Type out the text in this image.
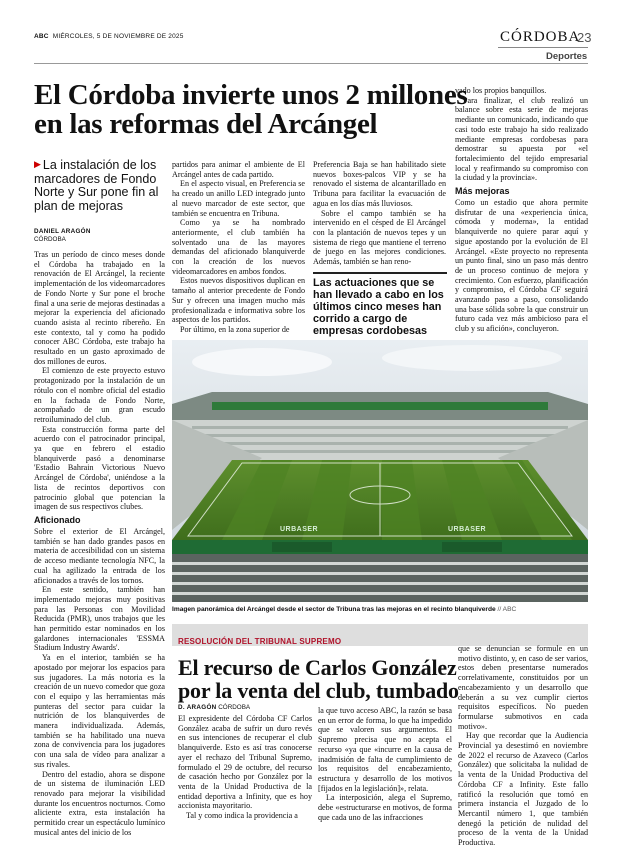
ABC MIÉRCOLES, 5 DE NOVIEMBRE DE 2025	CÓRDOBA
23
Deportes
El Córdoba invierte unos 2 millones
en las reformas del Arcángel
▶ La instalación de los marcadores de Fondo Norte y Sur pone fin al plan de mejoras
DANIEL ARAGÓN
CÓRDOBA

Tras un período de cinco meses donde el Córdoba ha trabajado en la renovación de El Arcángel, la reciente implementación de los videomarcadores de Fondo Norte y Sur pone el broche final a una serie de mejoras destinadas a mejorar la experiencia del aficionado cuando asista al recinto ribereño. En este contexto, tal y como ha podido conocer ABC Córdoba, este trabajo ha resultado en un gasto aproximado de dos millones de euros.

El comienzo de este proyecto estuvo protagonizado por la instalación de un rótulo con el nombre oficial del estadio en la fachada de Fondo Norte, acompañado de un gran escudo retroiluminado del club.

Esta construcción forma parte del acuerdo con el patrocinador principal, ya que en febrero el estadio blanquiverde pasó a denominarse 'Estadio Bahrain Victorious Nuevo Arcángel de Córdoba', uniéndose a la lista de recintos deportivos con patrocinio global que potencian la imagen de sus respectivos clubes.

Aficionado

Sobre el exterior de El Arcángel, también se han dado grandes pasos en materia de accesibilidad con un sistema de acceso mediante tecnología NFC, la cual ha agilizado la entrada de los aficionados a través de los tornos.

En este sentido, también han implementado mejoras muy positivas para las Personas con Movilidad Reducida (PMR), unos trabajos que les han permitido estar nominados en los galardones internacionales 'ESSMA Stadium Industry Awards'.

Ya en el interior, también se ha apostado por mejorar los espacios para sus jugadores. La más notoria es la creación de un nuevo comedor que goza con el equipo y las herramientas más punteras del sector para cuidar la nutrición de los blanquiverdes de manera individualizada. Además, también se ha habilitado una nueva zona de convivencia para los jugadores con una sala de vídeo para analizar a sus rivales.

Dentro del estadio, ahora se dispone de un sistema de iluminación LED renovado para mejorar la visibilidad durante los encuentros nocturnos. Como aliciente extra, esta instalación ha permitido crear un espectáculo lumínico musical antes del inicio de los

partidos para animar el ambiente de El Arcángel antes de cada partido.

En el aspecto visual, en Preferencia se ha creado un anillo LED integrado junto al nuevo marcador de este sector, que también se encuentra en Tribuna.

Como ya se ha nombrado anteriormente, el club también ha solventado una de las mayores demandas del aficionado blanquiverde con la creación de los nuevos videomarcadores en ambos fondos.

Estos nuevos dispositivos duplican en tamaño al anterior precedente de Fondo Sur y ofrecen una imagen mucho más profesionalizada e informativa sobre los aspectos de los partidos.

Por último, en la zona superior de

Preferencia Baja se han habilitado siete nuevos boxes-palcos VIP y se ha renovado el sistema de alcantarillado en Tribuna para facilitar la evacuación de agua en los días más lluviosos.

Sobre el campo también se ha intervenido en el césped de El Arcángel con la plantación de nuevos tepes y un sistema de riego que mantiene el terreno de juego en las mejores condiciones. Además, también se han reno-

Las actuaciones que se han llevado a cabo en los últimos cinco meses han corrido a cargo de empresas cordobesas

vado los propios banquillos.

Para finalizar, el club realizó un balance sobre esta serie de mejoras mediante un comunicado, indicando que casi todo este trabajo ha sido realizado mediante empresas cordobesas para demostrar su apuesta por «el fortalecimiento del tejido empresarial local y reafirmando su compromiso con la ciudad y la provincia».

Más mejoras

Como un estadio que ahora permite disfrutar de una «experiencia única, cómoda y moderna», la entidad blanquiverde no quiere parar aquí y sigue apostando por la evolución de El Arcángel. «Este proyecto no representa un punto final, sino un paso más dentro de un proceso continuo de mejora y crecimiento. Con esfuerzo, planificación y compromiso, el Córdoba CF seguirá avanzando paso a paso, consolidando una base sólida sobre la que construir un futuro cada vez más ambicioso para el club y su afición», concluyeron.

URBASER	URBASER
Imagen panorámica del Arcángel desde el sector de Tribuna tras las mejoras en el recinto blanquiverde // ABC
RESOLUCIÓN DEL TRIBUNAL SUPREMO
El recurso de Carlos González
por la venta del club, tumbado
D. ARAGÓN CÓRDOBA

El expresidente del Córdoba CF Carlos González acaba de sufrir un duro revés en sus intenciones de recuperar el club blanquiverde. Esto es así tras conocerse ayer el rechazo del Tribunal Supremo, formulado el 29 de octubre, del recurso de casación hecho por González por la venta de la Unidad Productiva de la entidad deportiva a Infinity, que es hoy accionista mayoritario.

Tal y como indica la providencia a

la que tuvo acceso ABC, la razón se basa en un error de forma, lo que ha impedido que se valoren sus argumentos. El Supremo precisa que no acepta el recurso «ya que «incurre en la causa de inadmisión de falta de cumplimiento de los requisitos del encabezamiento, estructura y desarrollo de los motivos [fijados en la legislación]», relata.

La interposición, alega el Supremo, debe «estructurarse en motivos, de forma que cada uno de las infracciones

que se denuncian se formule en un motivo distinto, y, en caso de ser varios, estos deben presentarse numerados correlativamente, constituidos por un encabezamiento y un desarrollo que deberán a su vez cumplir ciertos requisitos específicos. No pueden formularse submotivos en cada motivo».

Hay que recordar que la Audiencia Provincial ya desestimó en noviembre de 2022 el recurso de Azaveco (Carlos González) que solicitaba la nulidad de la venta de la Unidad Productiva del Córdoba CF a Infinity. Este fallo ratificó la resolución que tomó en primera instancia el Juzgado de lo Mercantil número 1, que también denegó la petición de nulidad del proceso de la venta de la Unidad Productiva.
